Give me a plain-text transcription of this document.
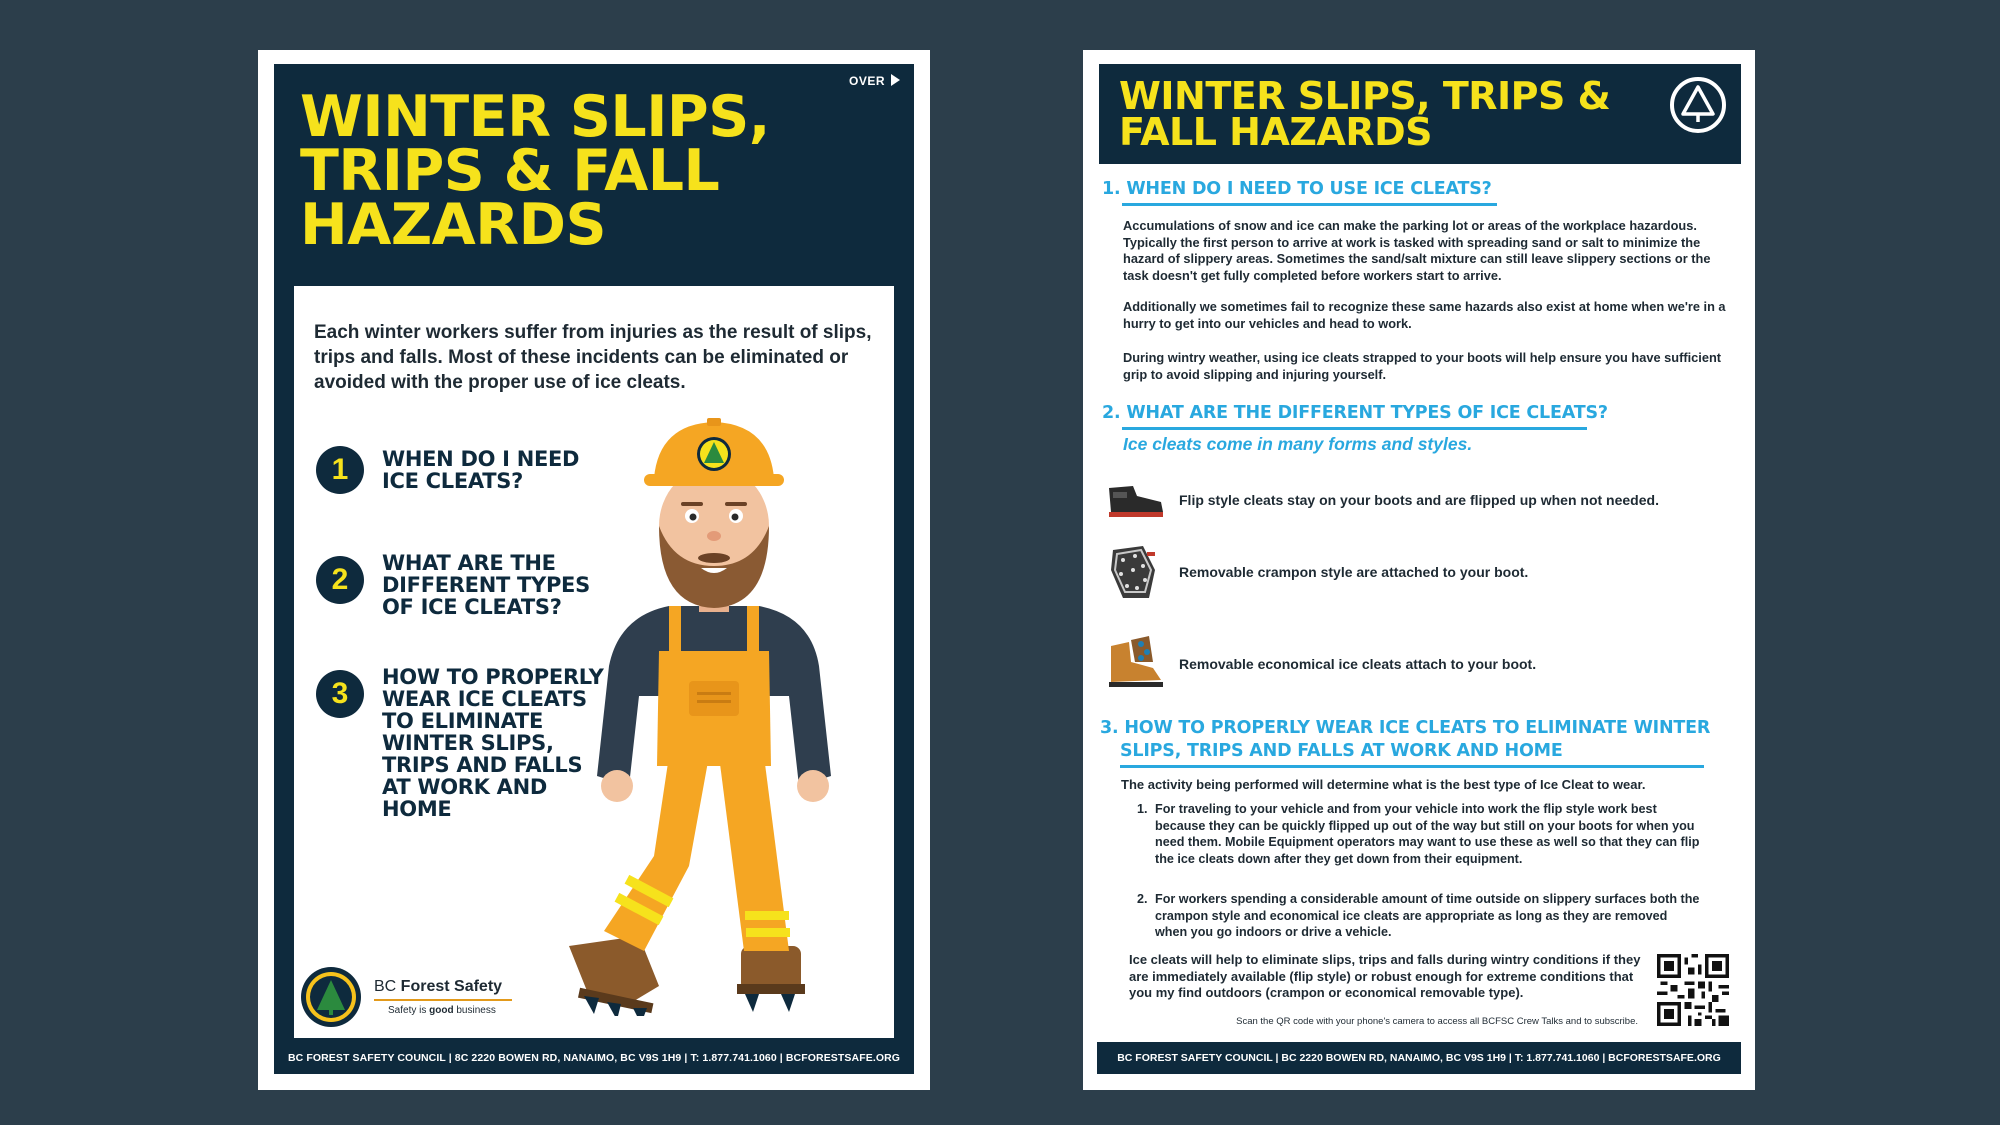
OVER
WINTER SLIPS,
TRIPS & FALL
HAZARDS
Each winter workers suffer from injuries as the result of slips, trips and falls. Most of these incidents can be eliminated or avoided with the proper use of ice cleats.
1	WHEN DO I NEED ICE CLEATS?
2	WHAT ARE THE DIFFERENT TYPES OF ICE CLEATS?
3	HOW TO PROPERLY WEAR ICE CLEATS TO ELIMINATE WINTER SLIPS, TRIPS AND FALLS AT WORK AND HOME
BC Forest Safety
Safety is good business
BC FOREST SAFETY COUNCIL | 8C 2220 BOWEN RD, NANAIMO, BC V9S 1H9 | T: 1.877.741.1060 | BCFORESTSAFE.ORG
WINTER SLIPS, TRIPS &
FALL HAZARDS
1. WHEN DO I NEED TO USE ICE CLEATS?
Accumulations of snow and ice can make the parking lot or areas of the workplace hazardous. Typically the first person to arrive at work is tasked with spreading sand or salt to minimize the hazard of slippery areas. Sometimes the sand/salt mixture can still leave slippery sections or the task doesn't get fully completed before workers start to arrive.
Additionally we sometimes fail to recognize these same hazards also exist at home when we're in a hurry to get into our vehicles and head to work.
During wintry weather, using ice cleats strapped to your boots will help ensure you have sufficient grip to avoid slipping and injuring yourself.
2. WHAT ARE THE DIFFERENT TYPES OF ICE CLEATS?
Ice cleats come in many forms and styles.
Flip style cleats stay on your boots and are flipped up when not needed.
Removable crampon style are attached to your boot.
Removable economical ice cleats attach to your boot.
3. HOW TO PROPERLY WEAR ICE CLEATS TO ELIMINATE WINTER
SLIPS, TRIPS AND FALLS AT WORK AND HOME
The activity being performed will determine what is the best type of Ice Cleat to wear.
1. For traveling to your vehicle and from your vehicle into work the flip style work best because they can be quickly flipped up out of the way but still on your boots for when you need them. Mobile Equipment operators may want to use these as well so that they can flip the ice cleats down after they get down from their equipment.
2. For workers spending a considerable amount of time outside on slippery surfaces both the crampon style and economical ice cleats are appropriate as long as they are removed when you go indoors or drive a vehicle.
Ice cleats will help to eliminate slips, trips and falls during wintry conditions if they are immediately available (flip style) or robust enough for extreme conditions that you my find outdoors (crampon or economical removable type).
Scan the QR code with your phone's camera to access all BCFSC Crew Talks and to subscribe.
BC FOREST SAFETY COUNCIL | BC 2220 BOWEN RD, NANAIMO, BC V9S 1H9 | T: 1.877.741.1060 | BCFORESTSAFE.ORG
